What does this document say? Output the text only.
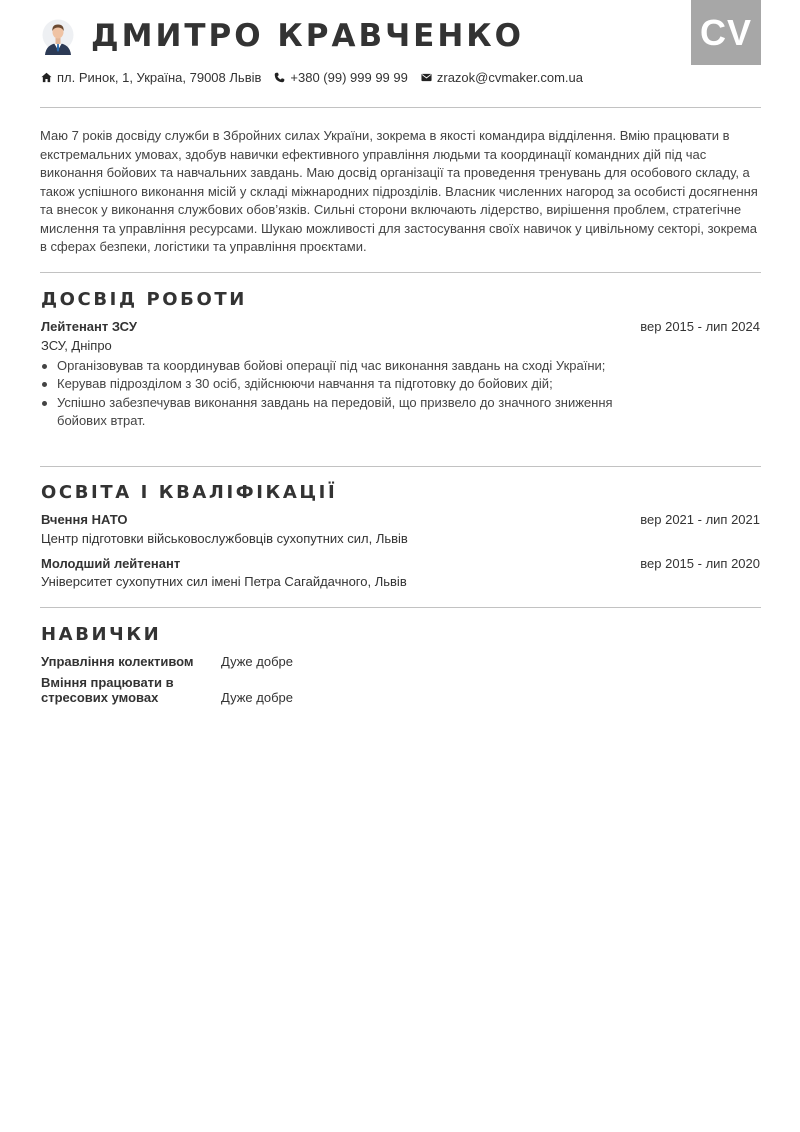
CV
ДМИТРО КРАВЧЕНКО
пл. Ринок, 1, Україна, 79008 Львів +380 (99) 999 99 99 zrazok@cvmaker.com.ua
Маю 7 років досвіду служби в Збройних силах України, зокрема в якості командира відділення. Вмію працювати в екстремальних умовах, здобув навички ефективного управління людьми та координації командних дій під час виконання бойових та навчальних завдань. Маю досвід організації та проведення тренувань для особового складу, а також успішного виконання місій у складі міжнародних підрозділів. Власник численних нагород за особисті досягнення та внесок у виконання службових обов’язків. Сильні сторони включають лідерство, вирішення проблем, стратегічне мислення та управління ресурсами. Шукаю можливості для застосування своїх навичок у цивільному секторі, зокрема в сферах безпеки, логістики та управління проєктами.
ДОСВІД РОБОТИ
Лейтенант ЗСУ	вер 2015 - лип 2024
ЗСУ, Дніпро
Організовував та координував бойові операції під час виконання завдань на сході України;
Керував підрозділом з 30 осіб, здійснюючи навчання та підготовку до бойових дій;
Успішно забезпечував виконання завдань на передовій, що призвело до значного зниження бойових втрат.
ОСВІТА І КВАЛІФІКАЦІЇ
Вчення НАТО	вер 2021 - лип 2021
Центр підготовки військовослужбовців сухопутних сил, Львів
Молодший лейтенант	вер 2015 - лип 2020
Університет сухопутних сил імені Петра Сагайдачного, Львів
НАВИЧКИ
Управління колективом	Дуже добре
Вміння працювати в стресових умовах	Дуже добре
